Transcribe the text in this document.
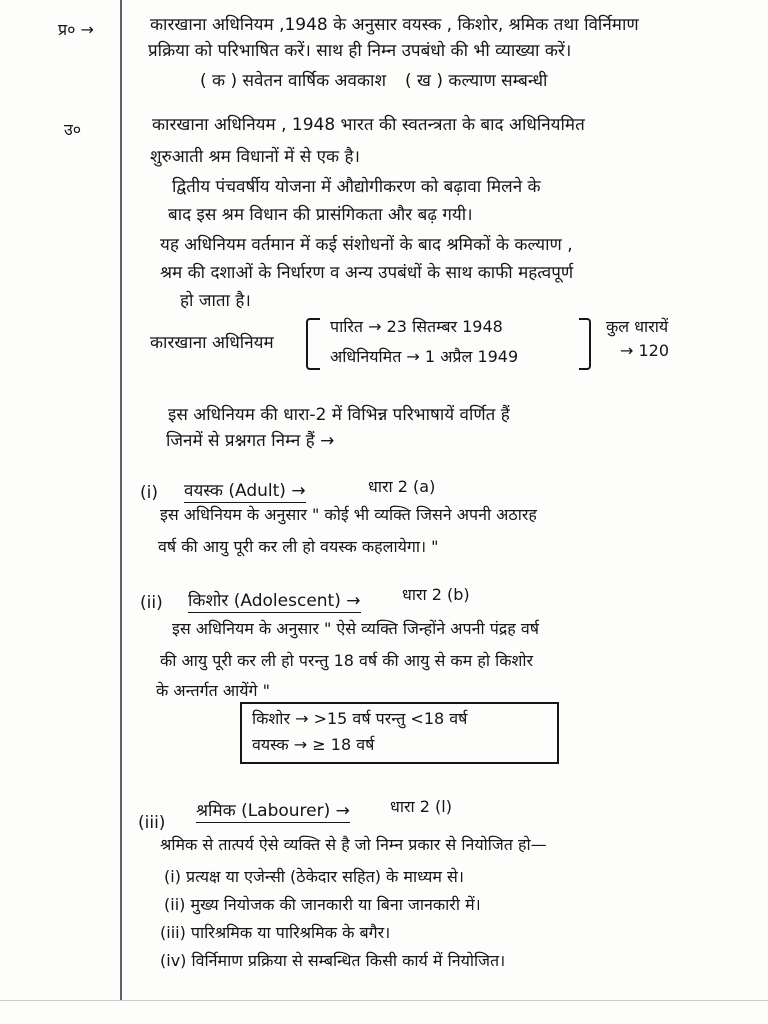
प्र० →
उ०
कारखाना अधिनियम ,1948 के अनुसार वयस्क , किशोर, श्रमिक तथा विर्निमाण
प्रक्रिया को परिभाषित करें। साथ ही निम्न उपबंधो की भी व्याख्या करें।
( क ) सवेतन वार्षिक अवकाश ( ख ) कल्याण सम्बन्धी
कारखाना अधिनियम , 1948 भारत की स्वतन्त्रता के बाद अधिनियमित
शुरुआती श्रम विधानों में से एक है।
द्वितीय पंचवर्षीय योजना में औद्योगीकरण को बढ़ावा मिलने के
बाद इस श्रम विधान की प्रासंगिकता और बढ़ गयी।
यह अधिनियम वर्तमान में कई संशोधनों के बाद श्रमिकों के कल्याण ,
श्रम की दशाओं के निर्धारण व अन्य उपबंधों के साथ काफी महत्वपूर्ण
हो जाता है।
कारखाना अधिनियम
पारित → 23 सितम्बर 1948
अधिनियमित → 1 अप्रैल 1949
कुल धारायें
→ 120
इस अधिनियम की धारा-2 में विभिन्न परिभाषायें वर्णित हैं
जिनमें से प्रश्नगत निम्न हैं →
(i) वयस्क (Adult) →	धारा 2 (a)
इस अधिनियम के अनुसार " कोई भी व्यक्ति जिसने अपनी अठारह
वर्ष की आयु पूरी कर ली हो वयस्क कहलायेगा। "
(ii) किशोर (Adolescent) →	धारा 2 (b)
इस अधिनियम के अनुसार " ऐसे व्यक्ति जिन्होंने अपनी पंद्रह वर्ष
की आयु पूरी कर ली हो परन्तु 18 वर्ष की आयु से कम हो किशोर
के अन्तर्गत आयेंगे "
किशोर → >15 वर्ष परन्तु <18 वर्ष
वयस्क → ≥ 18 वर्ष
(iii)
श्रमिक (Labourer) →	धारा 2 (l)
श्रमिक से तात्पर्य ऐसे व्यक्ति से है जो निम्न प्रकार से नियोजित हो—
(i) प्रत्यक्ष या एजेन्सी (ठेकेदार सहित) के माध्यम से।
(ii) मुख्य नियोजक की जानकारी या बिना जानकारी में।
(iii) पारिश्रमिक या पारिश्रमिक के बगैर।
(iv) विर्निमाण प्रक्रिया से सम्बन्धित किसी कार्य में नियोजित।
